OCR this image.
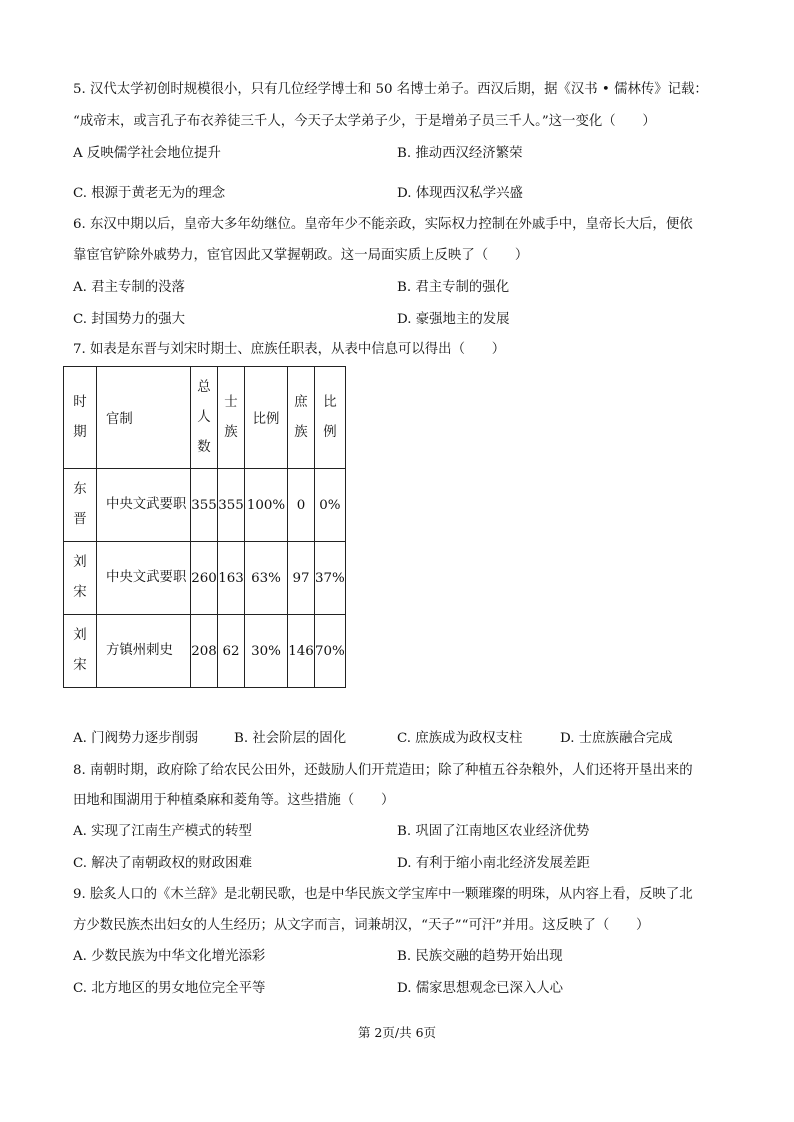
5. 汉代太学初创时规模很小，只有几位经学博士和 50 名博士弟子。西汉后期，据《汉书 • 儒林传》记载：
“成帝末，或言孔子布衣养徒三千人，今天子太学弟子少，于是增弟子员三千人。”这一变化（　　）
A 反映儒学社会地位提升	B. 推动西汉经济繁荣
C. 根源于黄老无为的理念	D. 体现西汉私学兴盛
6. 东汉中期以后，皇帝大多年幼继位。皇帝年少不能亲政，实际权力控制在外戚手中，皇帝长大后，便依
靠宦官铲除外戚势力，宦官因此又掌握朝政。这一局面实质上反映了（　　）
A. 君主专制的没落	B. 君主专制的强化
C. 封国势力的强大	D. 豪强地主的发展
7. 如表是东晋与刘宋时期士、庶族任职表，从表中信息可以得出（　　）
时期	官制	总人数	士族	比例	庶族	比例
东晋	中央文武要职	355	355	100%	0	0%
刘宋	中央文武要职	260	163	63%	97	37%
刘宋	方镇州刺史	208	62	30%	146	70%
A. 门阀势力逐步削弱	B. 社会阶层的固化	C. 庶族成为政权支柱	D. 士庶族融合完成
8. 南朝时期，政府除了给农民公田外，还鼓励人们开荒造田；除了种植五谷杂粮外，人们还将开垦出来的
田地和围湖用于种植桑麻和菱角等。这些措施（　　）
A. 实现了江南生产模式的转型	B. 巩固了江南地区农业经济优势
C. 解决了南朝政权的财政困难	D. 有利于缩小南北经济发展差距
9. 脍炙人口的《木兰辞》是北朝民歌，也是中华民族文学宝库中一颗璀璨的明珠，从内容上看，反映了北
方少数民族杰出妇女的人生经历；从文字而言，词兼胡汉，“天子”“可汗”并用。这反映了（　　）
A. 少数民族为中华文化增光添彩	B. 民族交融的趋势开始出现
C. 北方地区的男女地位完全平等	D. 儒家思想观念已深入人心
第 2页/共 6页
